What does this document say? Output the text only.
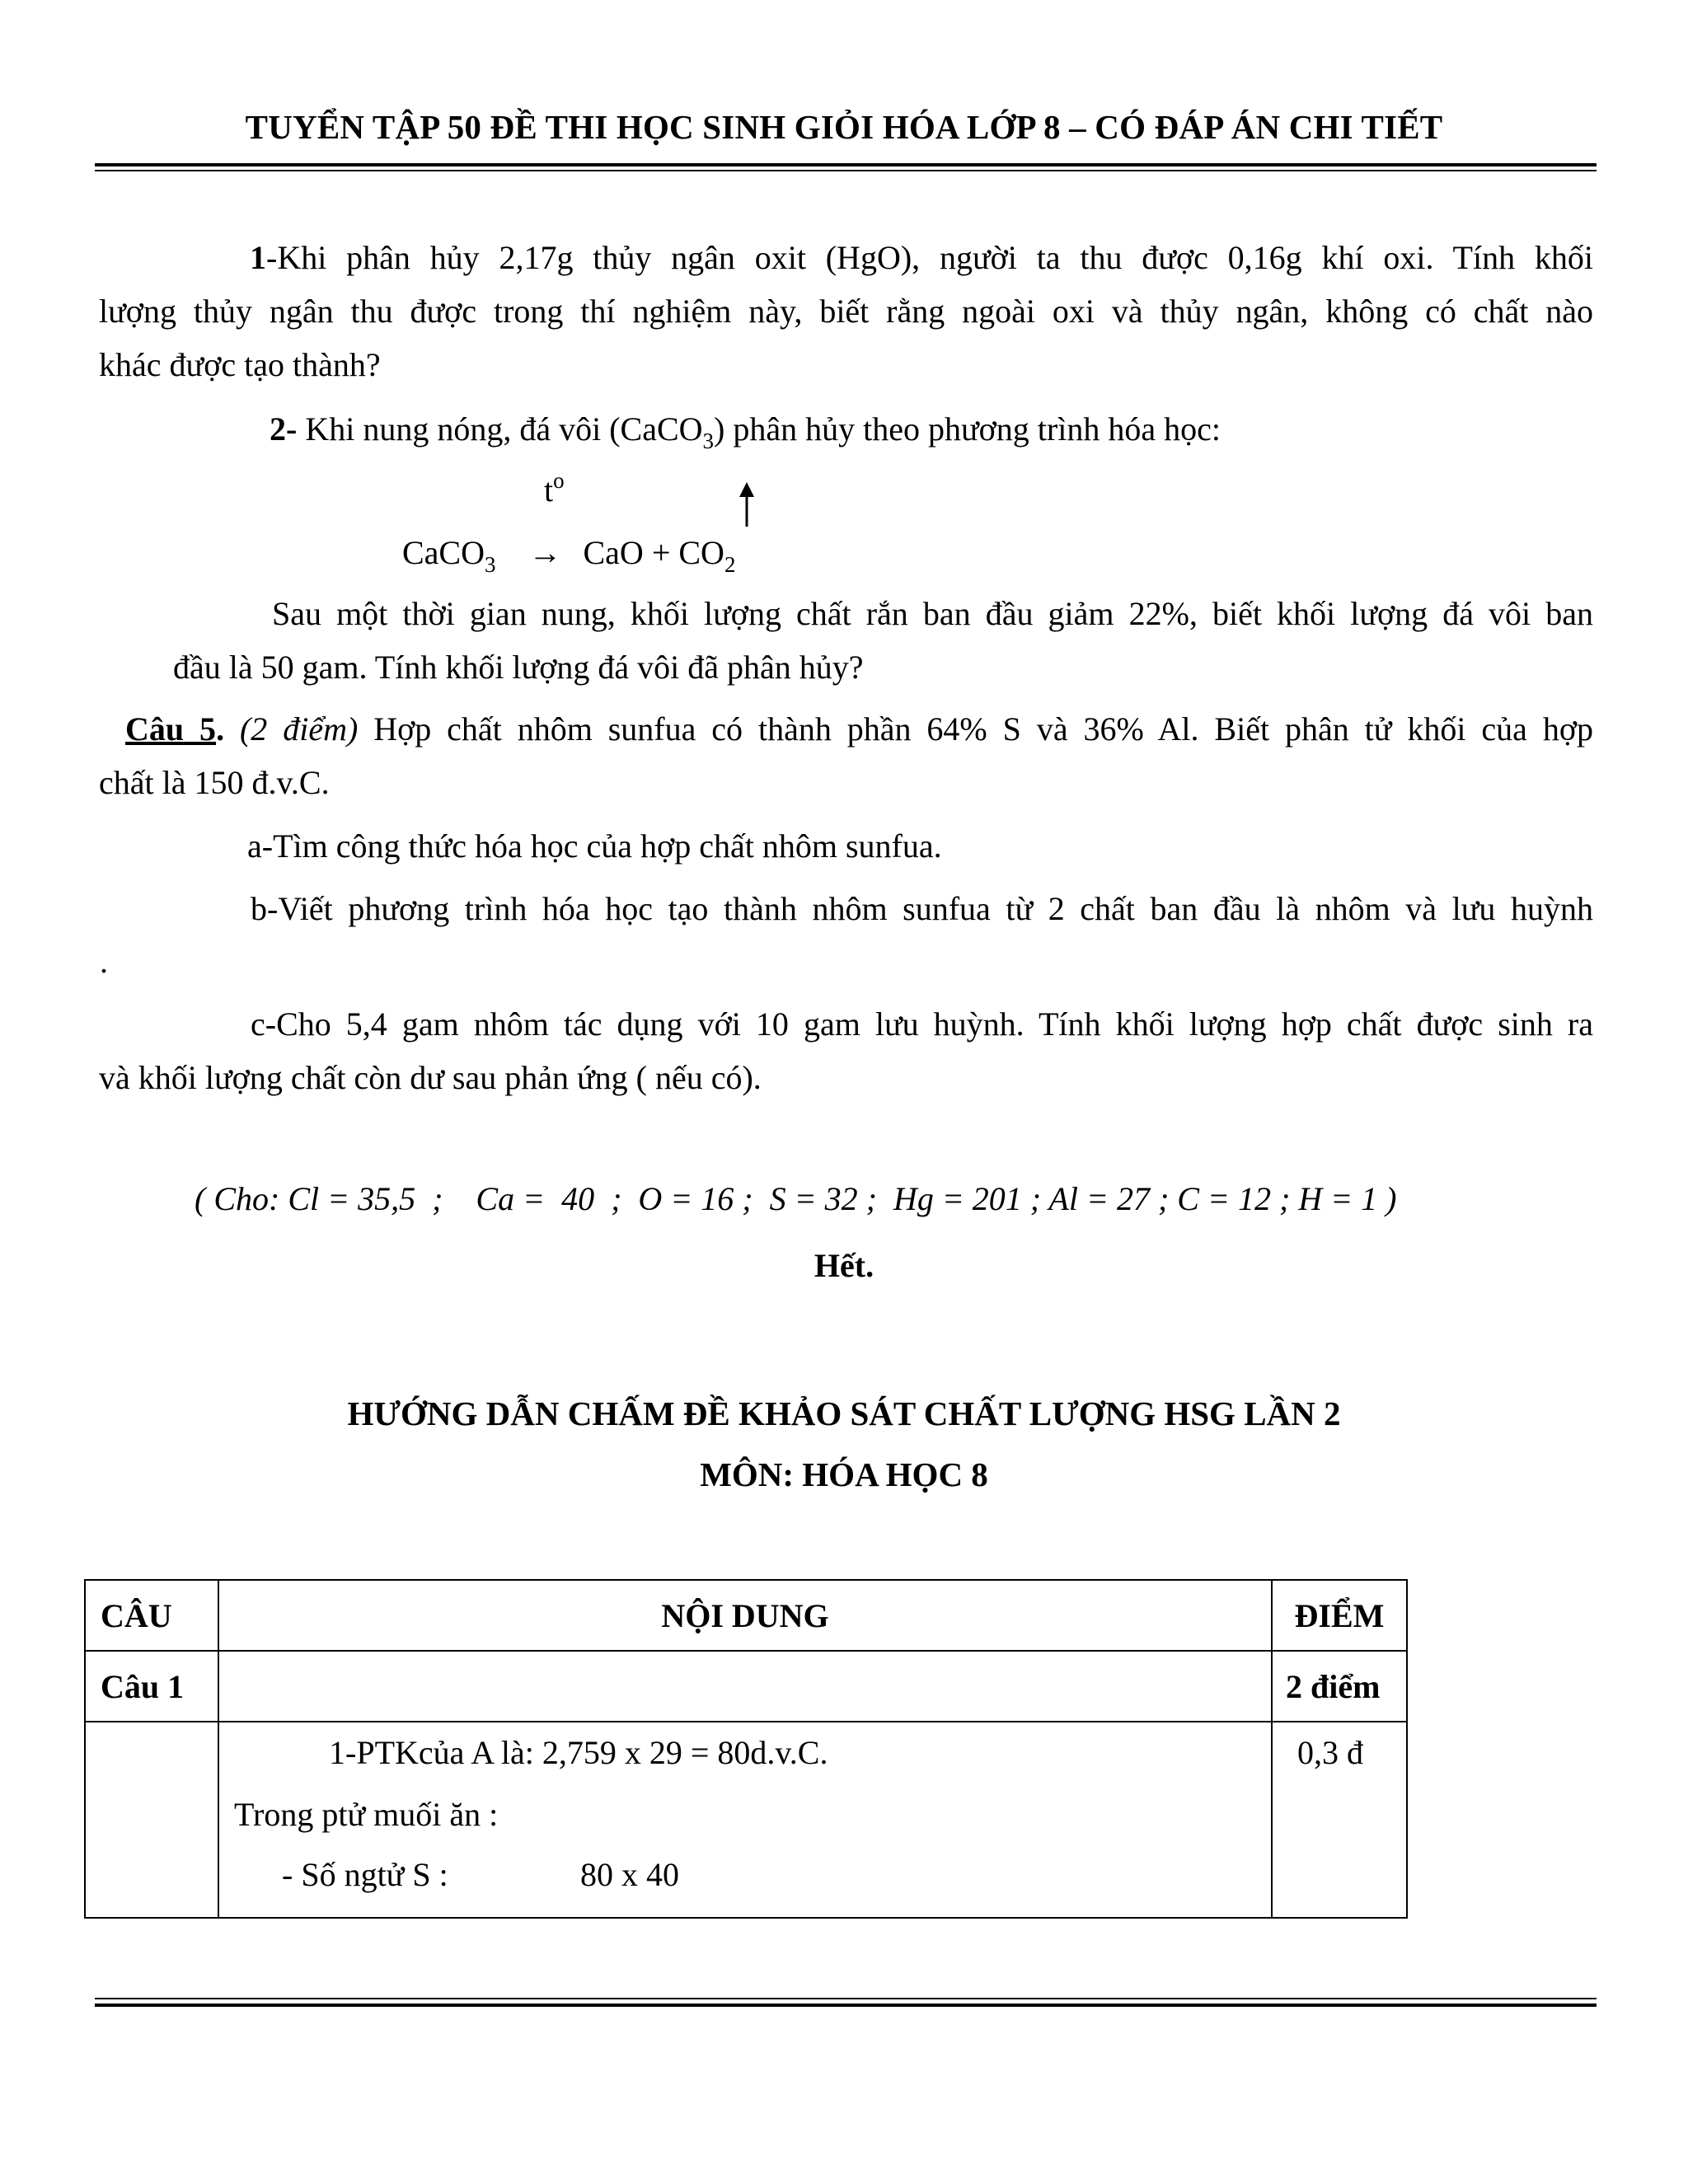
TUYỂN TẬP 50 ĐỀ THI HỌC SINH GIỎI HÓA LỚP 8 – CÓ ĐÁP ÁN CHI TIẾT
1-Khi phân hủy 2,17g thủy ngân oxit (HgO), người ta thu được 0,16g khí oxi. Tính khối
lượng thủy ngân thu được trong thí nghiệm này, biết rằng ngoài oxi và thủy ngân, không có chất nào
khác được tạo thành?
2- Khi nung nóng, đá vôi (CaCO$_3$) phân hủy theo phương trình hóa học:
$t^o$
CaCO$_3$ → CaO + $CO_2$
Sau một thời gian nung, khối lượng chất rắn ban đầu giảm 22%, biết khối lượng đá vôi ban
đầu là 50 gam. Tính khối lượng đá vôi đã phân hủy?
Câu 5. (2 điểm) Hợp chất nhôm sunfua có thành phần 64% S và 36% Al. Biết phân tử khối của hợp
chất là 150 đ.v.C.
a-Tìm công thức hóa học của hợp chất nhôm sunfua.
b-Viết phương trình hóa học tạo thành nhôm sunfua từ 2 chất ban đầu là nhôm và lưu huỳnh
.
c-Cho 5,4 gam nhôm tác dụng với 10 gam lưu huỳnh. Tính khối lượng hợp chất được sinh ra
và khối lượng chất còn dư sau phản ứng ( nếu có).
( Cho: Cl = 35,5  ;    Ca =  40  ;  O = 16 ;  S = 32 ;  Hg = 201 ; Al = 27 ; C = 12 ; H = 1 )
Hết.
HƯỚNG DẪN CHẤM ĐỀ KHẢO SÁT CHẤT LƯỢNG HSG LẦN 2
MÔN: HÓA HỌC 8
CÂU	NỘI DUNG	ĐIỂM

Câu 1		2 điểm

	1-PTKcủa A là: 2,759 x 29 = 80d.v.C.
Trong ptử muối ăn :
- Số ngtử S : 80 x 40	0,3 đ
